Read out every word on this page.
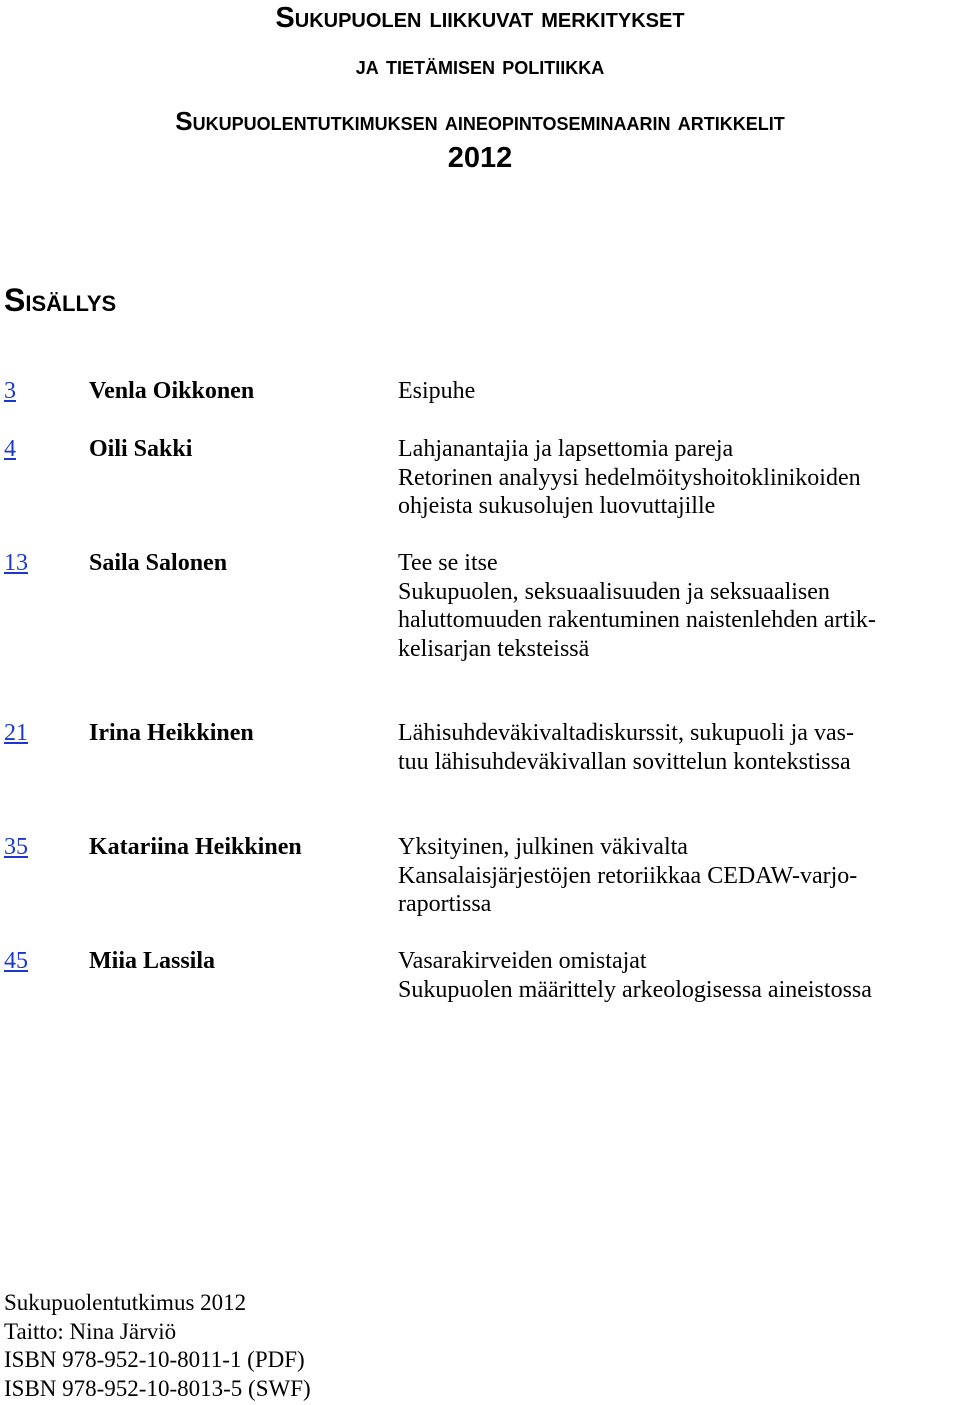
Sukupuolen liikkuvat merkitykset
ja tietämisen politiikka
Sukupuolentutkimuksen aineopintoseminaarin artikkelit
2012
Sisällys
3	Venla Oikkonen	Esipuhe
4	Oili Sakki	Lahjanantajia ja lapsettomia pareja
Retorinen analyysi hedelmöityshoitoklinikoiden
ohjeista sukusolujen luovuttajille
13	Saila Salonen	Tee se itse
Sukupuolen, seksuaalisuuden ja seksuaalisen
haluttomuuden rakentuminen naistenlehden artik-
kelisarjan teksteissä
21	Irina Heikkinen	Lähisuhdeväkivaltadiskurssit, sukupuoli ja vas-
tuu lähisuhdeväkivallan sovittelun kontekstissa
35	Katariina Heikkinen	Yksityinen, julkinen väkivalta
Kansalaisjärjestöjen retoriikkaa CEDAW-varjo-
raportissa
45	Miia Lassila	Vasarakirveiden omistajat
Sukupuolen määrittely arkeologisessa aineistossa
Sukupuolentutkimus 2012
Taitto: Nina Järviö
ISBN 978-952-10-8011-1 (PDF)
ISBN 978-952-10-8013-5 (SWF)
